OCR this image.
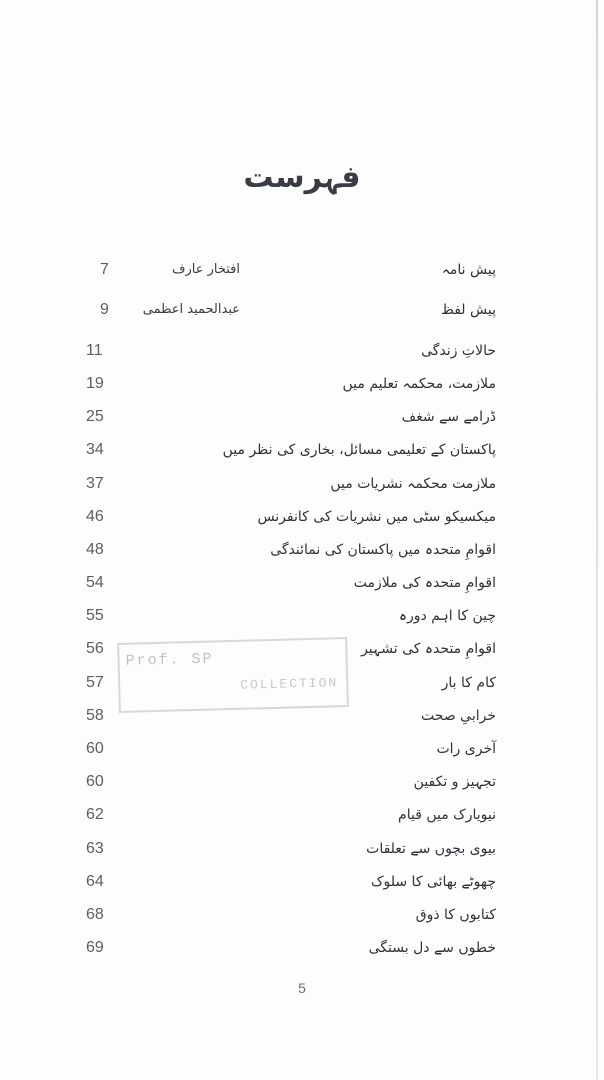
فہرست
پیش نامہ
افتخار عارف
7
پیش لفظ
عبدالحمید اعظمی
9
حالاتِ زندگی
11
ملازمت، محکمہ تعلیم میں
19
ڈرامے سے شغف
25
پاکستان کے تعلیمی مسائل، بخاری کی نظر میں
34
ملازمت محکمہ نشریات میں
37
میکسیکو سٹی میں نشریات کی کانفرنس
46
اقوامِ متحدہ میں پاکستان کی نمائندگی
48
اقوامِ متحدہ کی ملازمت
54
چین کا اہم دورہ
55
اقوامِ متحدہ کی تشہیر
56
کام کا بار
57
خرابیِ صحت
58
آخری رات
60
تجہیز و تکفین
60
نیویارک میں قیام
62
بیوی بچوں سے تعلقات
63
چھوٹے بھائی کا سلوک
64
کتابوں کا ذوق
68
خطوں سے دل بستگی
69
Prof. SP
COLLECTION
5
